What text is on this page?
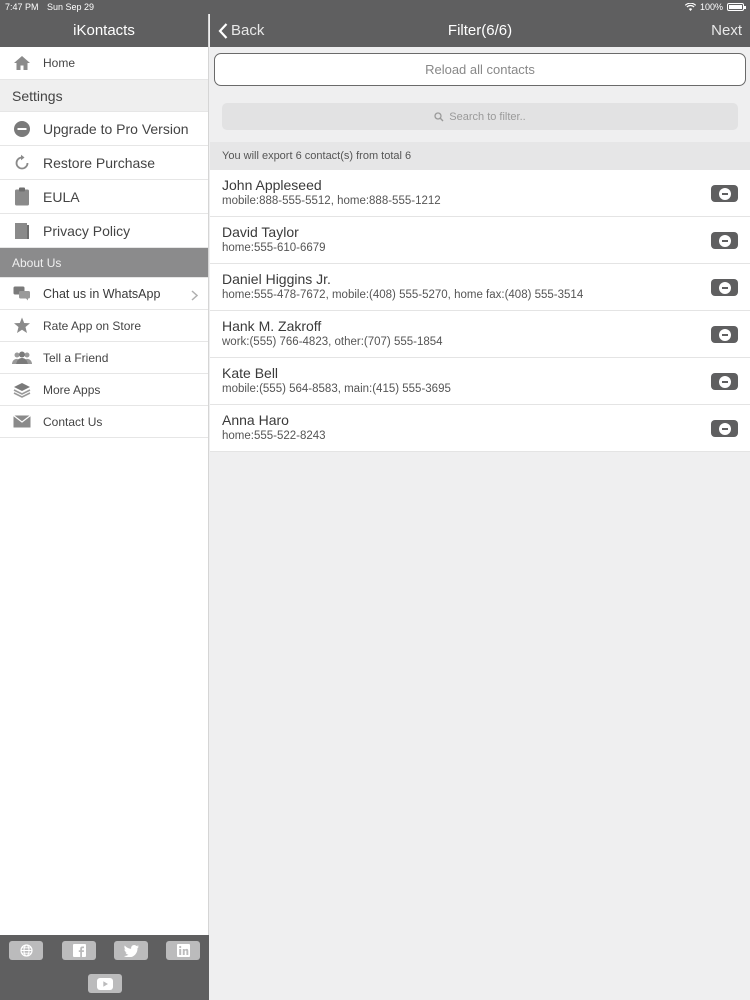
7:47 PM Sun Sep 29	100%
iKontacts
Home
Settings
Upgrade to Pro Version
Restore Purchase
EULA
Privacy Policy
About Us
Chat us in WhatsApp
Rate App on Store
Tell a Friend
More Apps
Contact Us
Back	Filter(6/6)	Next
Reload all contacts
Search to filter..
You will export 6 contact(s) from total 6
John Appleseed
mobile:888-555-5512, home:888-555-1212
David Taylor
home:555-610-6679
Daniel Higgins Jr.
home:555-478-7672, mobile:(408) 555-5270, home fax:(408) 555-3514
Hank M. Zakroff
work:(555) 766-4823, other:(707) 555-1854
Kate Bell
mobile:(555) 564-8583, main:(415) 555-3695
Anna Haro
home:555-522-8243
